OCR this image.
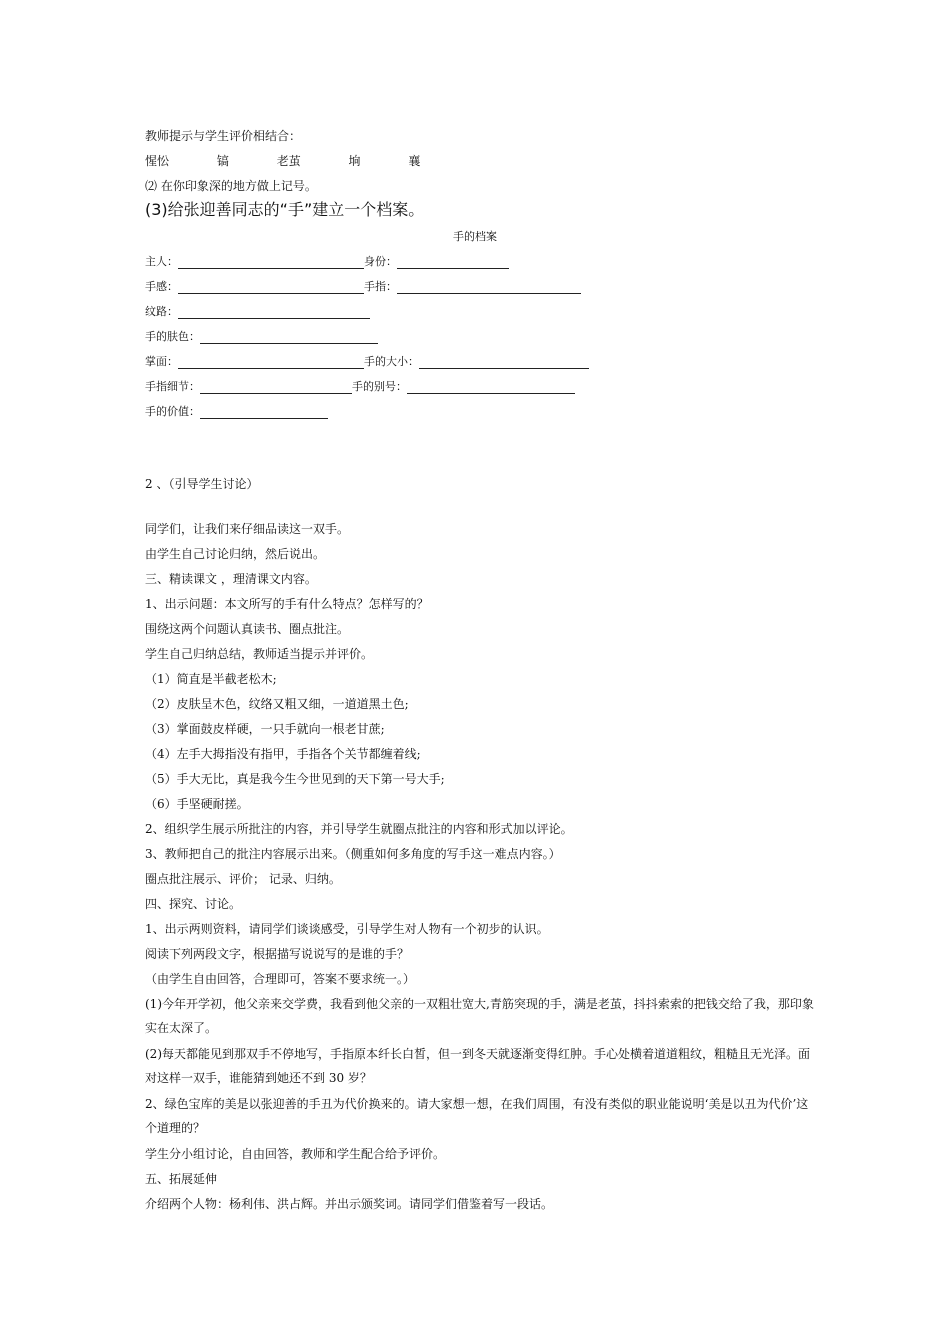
教师提示与学生评价相结合：
惺忪	镐	老茧	垧	襄
⑵ 在你印象深的地方做上记号。
(3)给张迎善同志的“手”建立一个档案。
手的档案
主人：	身份：
手感：	手指：
纹路：
手的肤色：
掌面：	手的大小：
手指细节：	手的别号：
手的价值：
2 、（引导学生讨论）
同学们，让我们来仔细品读这一双手。
由学生自己讨论归纳，然后说出。
三、精读课文 ，理清课文内容。
1、出示问题：本文所写的手有什么特点？怎样写的？
围绕这两个问题认真读书、圈点批注。
学生自己归纳总结，教师适当提示并评价。
（1）简直是半截老松木;
（2）皮肤呈木色，纹络又粗又细，一道道黑土色;
（3）掌面鼓皮样硬，一只手就向一根老甘蔗;
（4）左手大拇指没有指甲，手指各个关节都缠着线;
（5）手大无比，真是我今生今世见到的天下第一号大手;
（6）手坚硬耐搓。
2、组织学生展示所批注的内容，并引导学生就圈点批注的内容和形式加以评论。
3、教师把自己的批注内容展示出来。（侧重如何多角度的写手这一难点内容。）
圈点批注展示、评价； 记录、归纳。
四、探究、讨论。
1、出示两则资料，请同学们谈谈感受，引导学生对人物有一个初步的认识。
阅读下列两段文字，根据描写说说写的是谁的手？
（由学生自由回答，合理即可，答案不要求统一。）
(1)今年开学初，他父亲来交学费，我看到他父亲的一双粗壮宽大,青筋突现的手，满是老茧，抖抖索索的把钱交给了我，那印象实在太深了。
(2)每天都能见到那双手不停地写，手指原本纤长白皙，但一到冬天就逐渐变得红肿。手心处横着道道粗纹，粗糙且无光泽。面对这样一双手，谁能猜到她还不到 30 岁？
2、绿色宝库的美是以张迎善的手丑为代价换来的。请大家想一想，在我们周围，有没有类似的职业能说明‘美是以丑为代价’这个道理的？
学生分小组讨论，自由回答，教师和学生配合给予评价。
五、拓展延伸
介绍两个人物：杨利伟、洪占辉。并出示颁奖词。请同学们借鉴着写一段话。
